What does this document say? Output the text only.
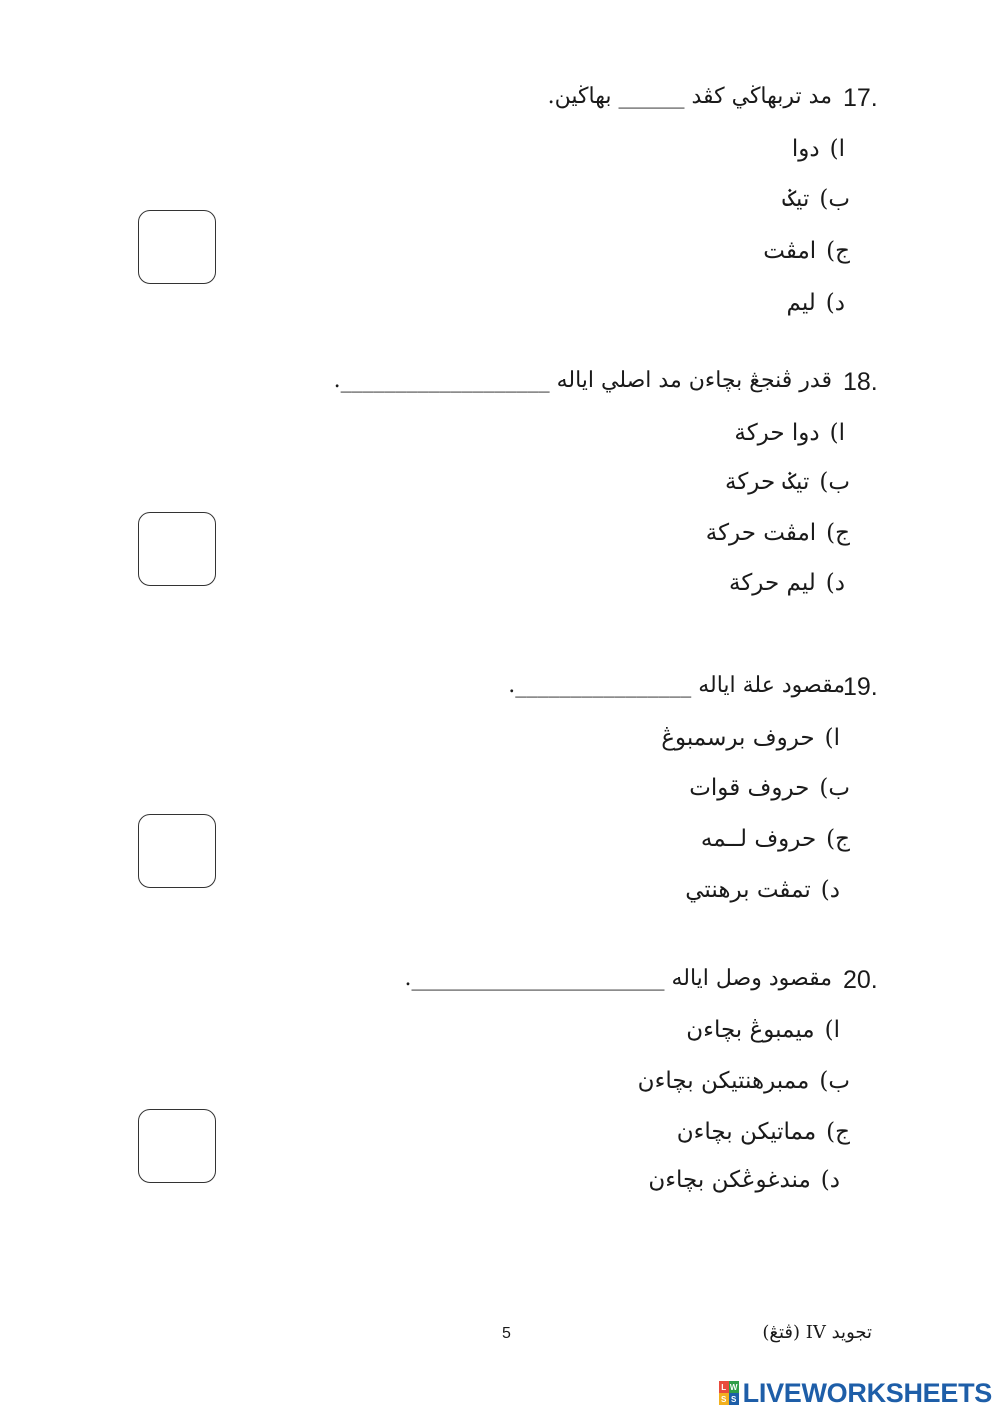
17.
مد تربهاڬي كڤد ______ بهاڬين.
ا)دوا
ب)تيݢ
ج)امڤت
د)ليم
18.
قدر ڤنجڠ بچاءن مد اصلي اياله ___________________.
ا)دوا حركة
ب)تيݢ حركة
ج)امڤت حركة
د)ليم حركة
19.
مقصود علة اياله ________________.
ا)حروف برسمبوڠ
ب)حروف قوات
ج)حروف لــمه
د)تمڤت برهنتي
20.
مقصود وصل اياله _______________________.
ا)ميمبوڠ بچاءن
ب)ممبرهنتيكن بچاءن
ج)مماتيكن بچاءن
د)مندغوڠكن بچاءن
5	تجويد IV (ڤتڠ)
L W
S S LIVEWORKSHEETS
